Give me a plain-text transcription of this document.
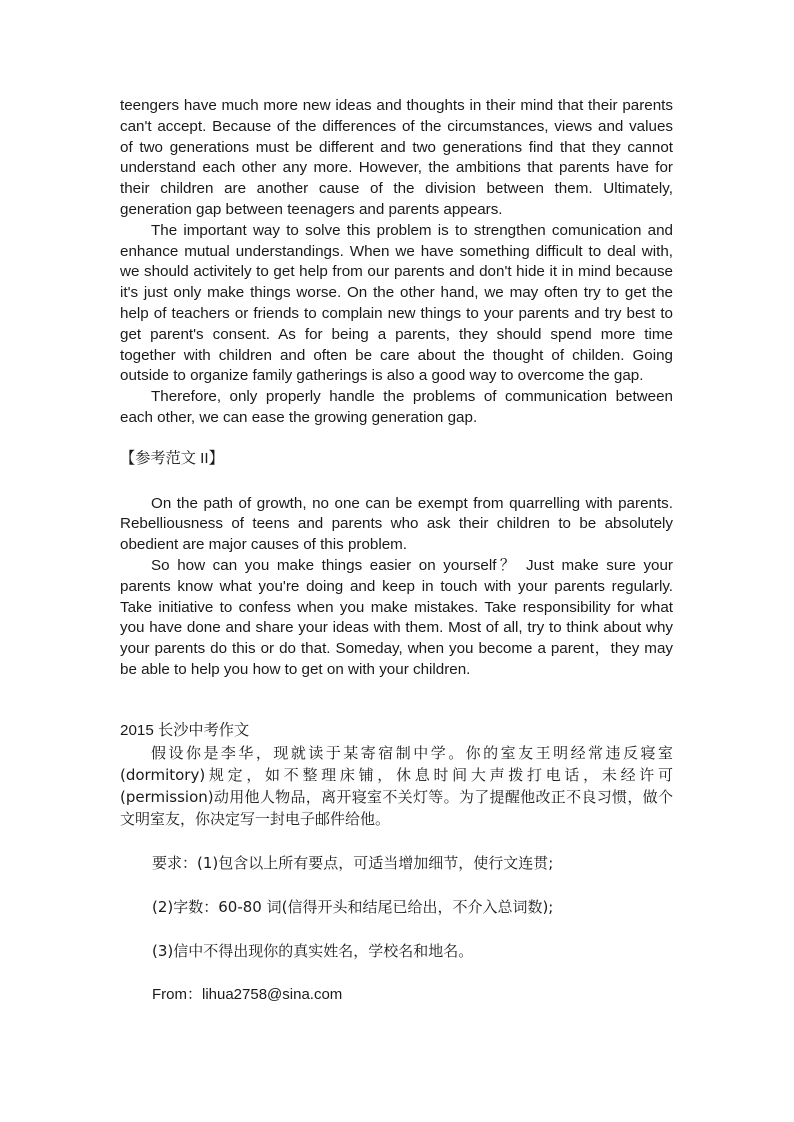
teengers have much more new ideas and thoughts in their mind that their parents can't accept. Because of the differences of the circumstances, views and values of two generations must be different and two generations find that they cannot understand each other any more. However, the ambitions that parents have for their children are another cause of the division between them. Ultimately, generation gap between teenagers and parents appears.

The important way to solve this problem is to strengthen comunication and enhance mutual understandings. When we have something difficult to deal with, we should activitely to get help from our parents and don't hide it in mind because it's just only make things worse. On the other hand, we may often try to get the help of teachers or friends to complain new things to your parents and try best to get parent's consent. As for being a parents, they should spend more time together with children and often be care about the thought of childen. Going outside to organize family gatherings is also a good way to overcome the gap.

Therefore, only properly handle the problems of communication between each other, we can ease the growing generation gap.

【参考范文 II】

On the path of growth, no one can be exempt from quarrelling with parents. Rebelliousness of teens and parents who ask their children to be absolutely obedient are major causes of this problem.

So how can you make things easier on yourself？ Just make sure your parents know what you're doing and keep in touch with your parents regularly. Take initiative to confess when you make mistakes. Take responsibility for what you have done and share your ideas with them. Most of all, try to think about why your parents do this or do that. Someday, when you become a parent，they may be able to help you how to get on with your children.

2015 长沙中考作文

假设你是李华，现就读于某寄宿制中学。你的室友王明经常违反寝室(dormitory)规定，如不整理床铺，休息时间大声拨打电话，未经许可(permission)动用他人物品，离开寝室不关灯等。为了提醒他改正不良习惯，做个文明室友，你决定写一封电子邮件给他。

要求：(1)包含以上所有要点，可适当增加细节，使行文连贯;

(2)字数：60-80 词(信得开头和结尾已给出，不介入总词数);

(3)信中不得出现你的真实姓名，学校名和地名。

From：lihua2758@sina.com
